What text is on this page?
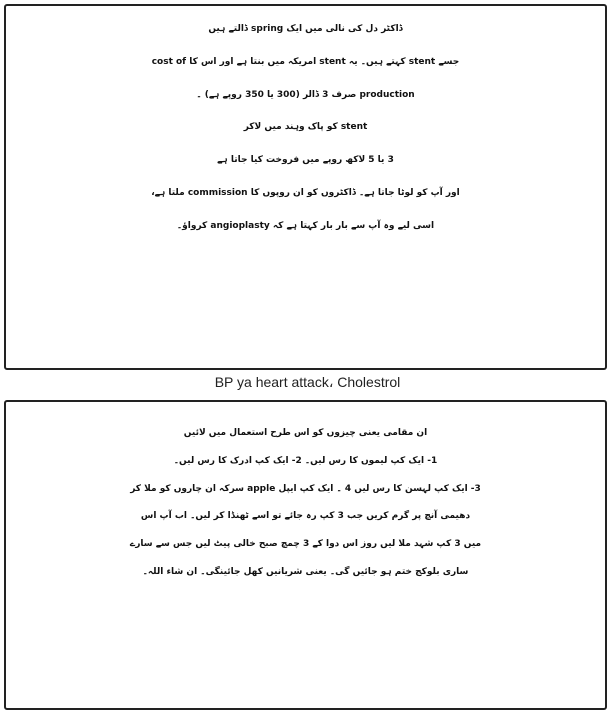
ڈاکٹر دل کی نالی میں ایک spring ڈالتے ہیں

جسے stent کہتے ہیں۔ یہ stent امریکہ میں بنتا ہے اور اس کا cost of

production صرف 3 ڈالر (300 یا 350 روپے ہے) ۔

stent کو پاک وہند میں لاکر

3 یا 5 لاکھ روپے میں فروخت کیا جاتا ہے

اور آپ کو لوٹا جاتا ہے۔ ڈاکٹروں کو ان روپوں کا commission ملتا ہے،

اسی لیے وہ آپ سے بار بار کہتا ہے کہ angioplasty کرواؤ۔

BP ya heart attack، Cholestrol

ان مقامی یعنی چیزوں کو اس طرح استعمال میں لائیں

1- ایک کپ لیموں کا رس لیں۔ 2- ایک کپ ادرک کا رس لیں۔

3- ایک کپ لہسن کا رس لیں 4 ۔ ایک کپ ایپل apple سرکہ ان چاروں کو ملا کر

دھیمی آنچ پر گرم کریں جب 3 کپ رہ جائے تو اسے ٹھنڈا کر لیں۔ اب آپ اس

میں 3 کپ شہد ملا لیں روز اس دوا کے 3 چمچ صبح خالی پیٹ لیں جس سے سارے

ساری بلوکج ختم ہو جائیں گی۔ یعنی شریانیں کھل جائینگی۔ ان شاء اللہ۔
